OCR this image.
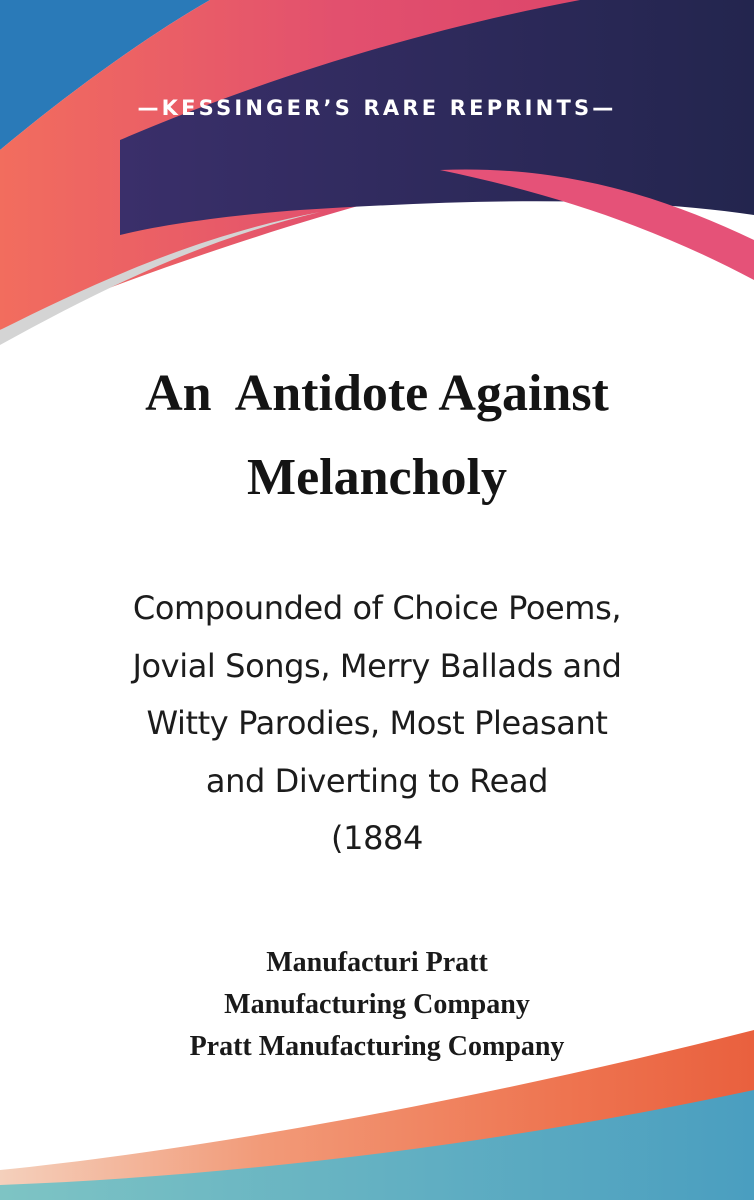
—KESSINGER’S RARE REPRINTS—
An  Antidote Against
Melancholy
Compounded of Choice Poems,
Jovial Songs, Merry Ballads and
Witty Parodies, Most Pleasant
and Diverting to Read
(1884
Manufacturi Pratt
Manufacturing Company
Pratt Manufacturing Company
